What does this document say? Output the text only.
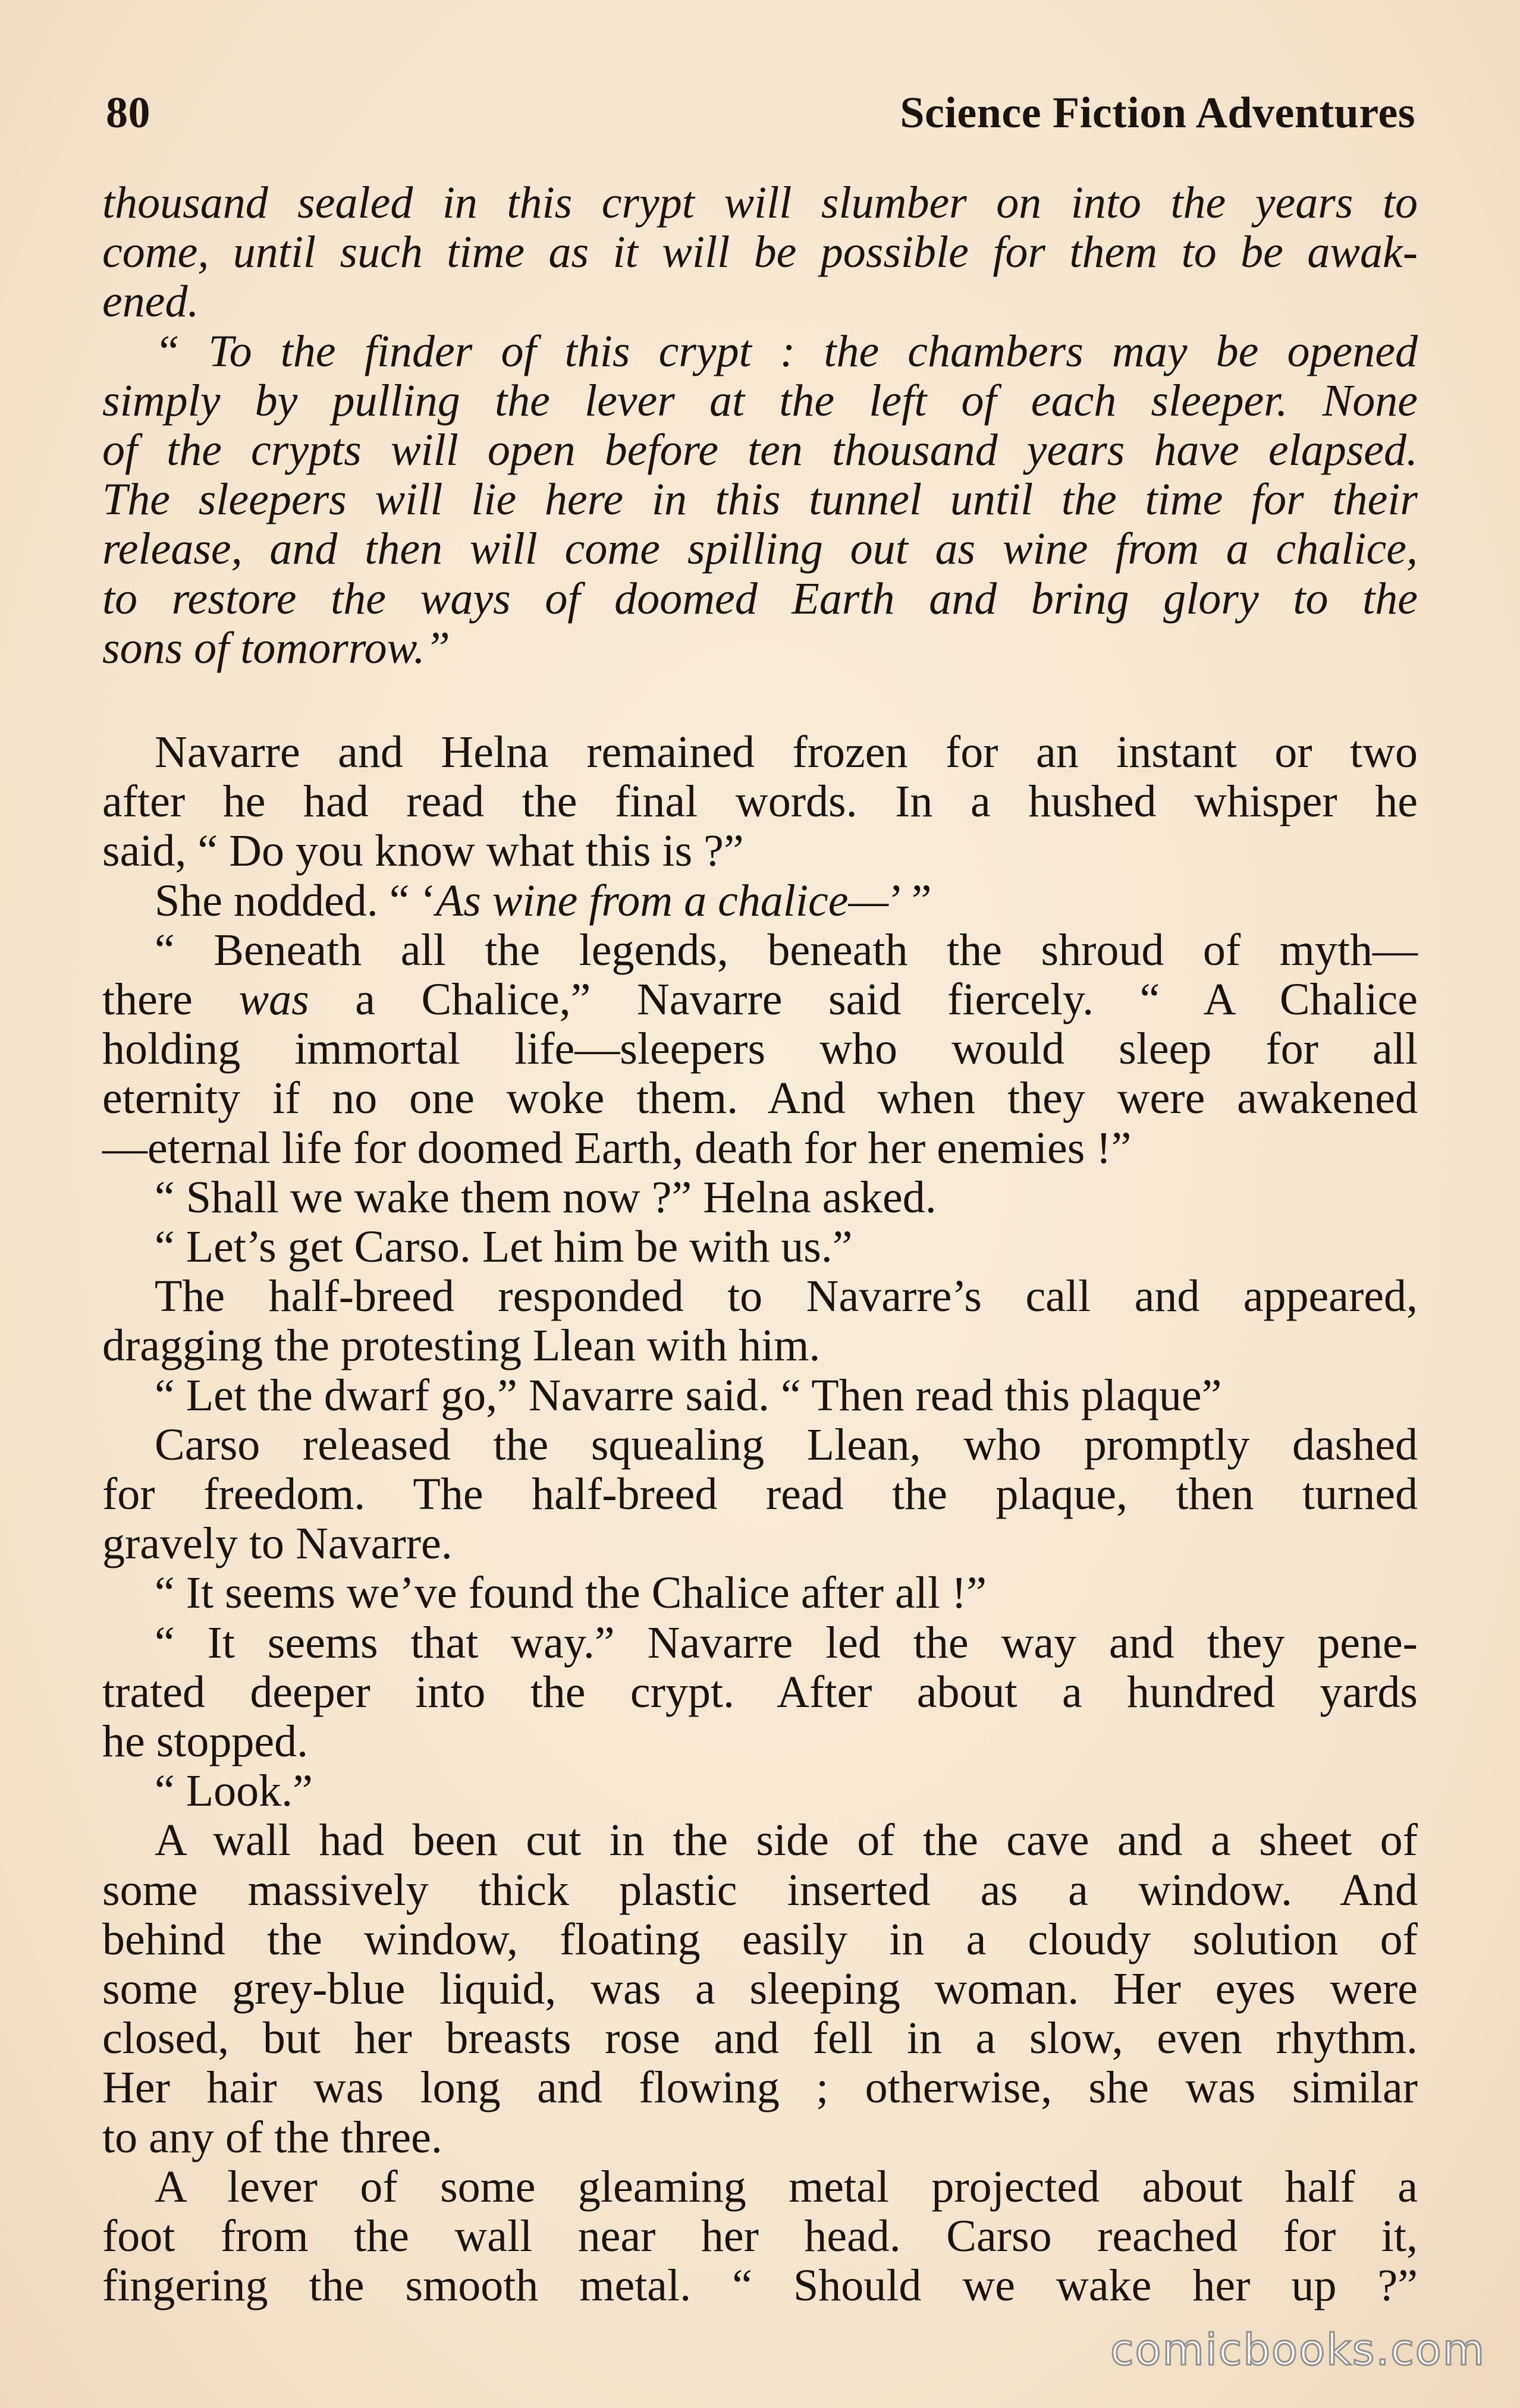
80	Science Fiction Adventures
thousand sealed in this crypt will slumber on into the years to
come, until such time as it will be possible for them to be awak-
ened.
“ To the finder of this crypt : the chambers may be opened
simply by pulling the lever at the left of each sleeper. None
of the crypts will open before ten thousand years have elapsed.
The sleepers will lie here in this tunnel until the time for their
release, and then will come spilling out as wine from a chalice,
to restore the ways of doomed Earth and bring glory to the
sons of tomorrow.”
Navarre and Helna remained frozen for an instant or two
after he had read the final words. In a hushed whisper he
said, “ Do you know what this is ?”
She nodded. “ ‘As wine from a chalice—’ ”
“ Beneath all the legends, beneath the shroud of myth—
there was a Chalice,” Navarre said fiercely. “ A Chalice
holding immortal life—sleepers who would sleep for all
eternity if no one woke them. And when they were awakened
—eternal life for doomed Earth, death for her enemies !”
“ Shall we wake them now ?” Helna asked.
“ Let’s get Carso. Let him be with us.”
The half-breed responded to Navarre’s call and appeared,
dragging the protesting Llean with him.
“ Let the dwarf go,” Navarre said. “ Then read this plaque”
Carso released the squealing Llean, who promptly dashed
for freedom. The half-breed read the plaque, then turned
gravely to Navarre.
“ It seems we’ve found the Chalice after all !”
“ It seems that way.” Navarre led the way and they pene-
trated deeper into the crypt. After about a hundred yards
he stopped.
“ Look.”
A wall had been cut in the side of the cave and a sheet of
some massively thick plastic inserted as a window. And
behind the window, floating easily in a cloudy solution of
some grey-blue liquid, was a sleeping woman. Her eyes were
closed, but her breasts rose and fell in a slow, even rhythm.
Her hair was long and flowing ; otherwise, she was similar
to any of the three.
A lever of some gleaming metal projected about half a
foot from the wall near her head. Carso reached for it,
fingering the smooth metal. “ Should we wake her up ?”
comicbooks.com
